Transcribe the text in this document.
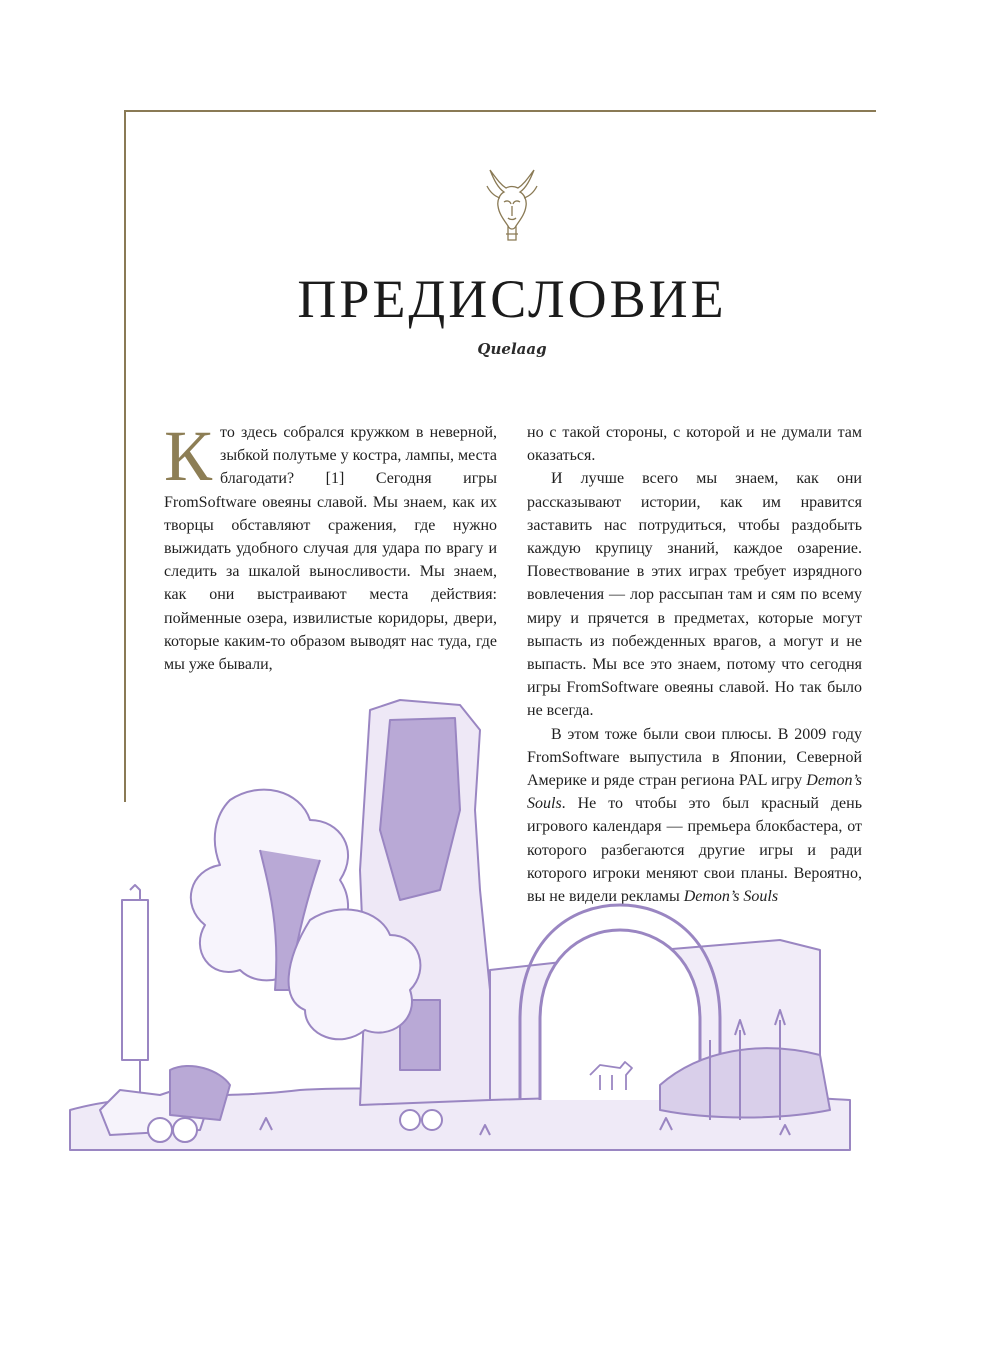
ПРЕДИСЛОВИЕ
Quelaag

Кто здесь собрался кружком в неверной, зыбкой полутьме у костра, лампы, места благодати? [1] Сегодня игры FromSoftware овеяны славой. Мы знаем, как их творцы обставляют сражения, где нужно выжидать удобного случая для удара по врагу и следить за шкалой выносливости. Мы знаем, как они выстраивают места действия: пойменные озера, извилистые коридоры, двери, которые каким-то образом выводят нас туда, где мы уже бывали,

но с такой стороны, с которой и не думали там оказаться.

И лучше всего мы знаем, как они рассказывают истории, как им нравится заставить нас потрудиться, чтобы раздобыть каждую крупицу знаний, каждое озарение. Повествование в этих играх требует изрядного вовлечения — лор рассыпан там и сям по всему миру и прячется в предметах, которые могут выпасть из побежденных врагов, а могут и не выпасть. Мы все это знаем, потому что сегодня игры FromSoftware овеяны славой. Но так было не всегда.

В этом тоже были свои плюсы. В 2009 году FromSoftware выпустила в Японии, Северной Америке и ряде стран региона PAL игру Demon’s Souls. Не то чтобы это был красный день игрового календаря — премьера блокбастера, от которого разбегаются другие игры и ради которого игроки меняют свои планы. Вероятно, вы не видели рекламы Demon’s Souls
